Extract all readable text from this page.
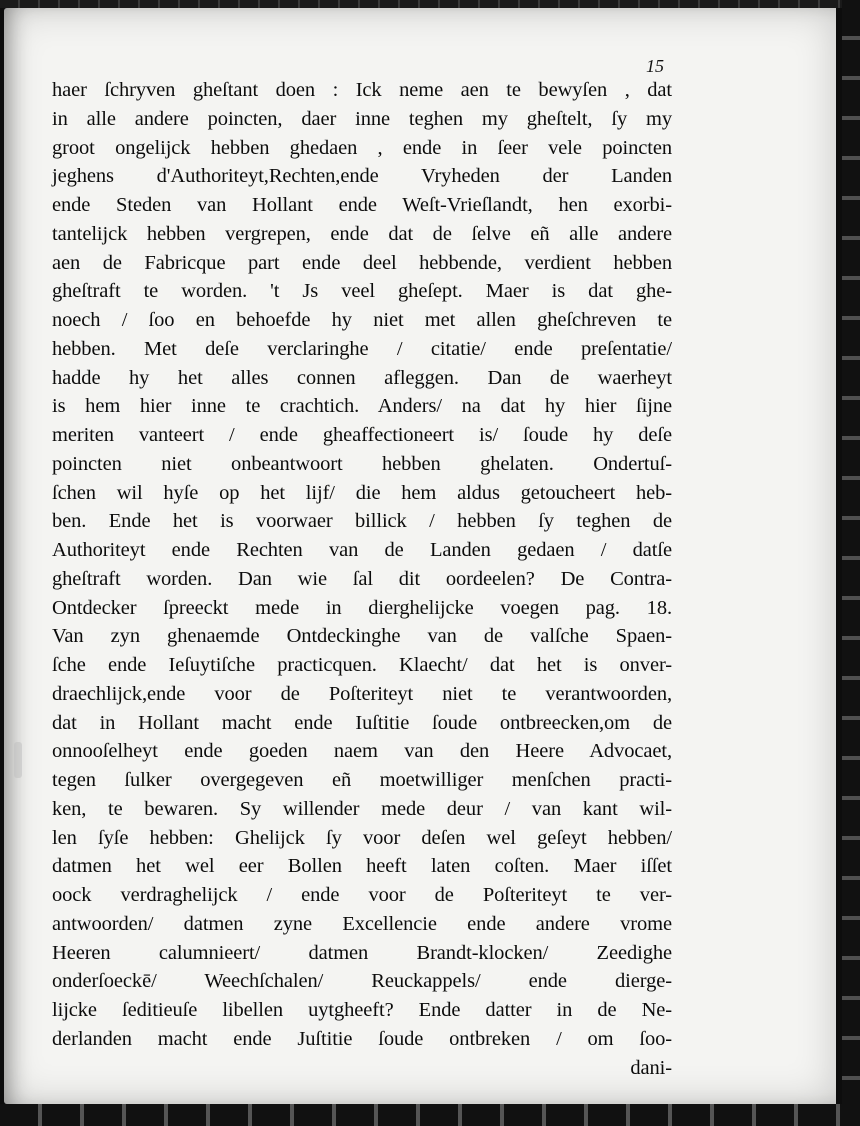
15
haer ſchryven gheſtant doen : Ick neme aen te bewyſen , dat
in alle andere poincten, daer inne teghen my gheſtelt, ſy my
groot ongelijck hebben ghedaen , ende in ſeer vele poincten
jeghens d'Authoriteyt,Rechten,ende Vryheden der Landen
ende Steden van Hollant ende Weſt-Vrieſlandt, hen exorbi-
tantelijck hebben vergrepen, ende dat de ſelve eñ alle andere
aen de Fabricque part ende deel hebbende, verdient hebben
gheſtraft te worden. 't Js veel gheſept. Maer is dat ghe-
noech / ſoo en behoefde hy niet met allen gheſchreven te
hebben. Met deſe verclaringhe / citatie/ ende preſentatie/
hadde hy het alles connen afleggen. Dan de waerheyt
is hem hier inne te crachtich. Anders/ na dat hy hier ſijne
meriten vanteert / ende gheaffectioneert is/ ſoude hy deſe
poincten niet onbeantwoort hebben ghelaten. Ondertuſ-
ſchen wil hyſe op het lijf/ die hem aldus getoucheert heb-
ben. Ende het is voorwaer billick / hebben ſy teghen de
Authoriteyt ende Rechten van de Landen gedaen / datſe
gheſtraft worden. Dan wie ſal dit oordeelen? De Contra-
Ontdecker ſpreeckt mede in dierghelijcke voegen pag. 18.
Van zyn ghenaemde Ontdeckinghe van de valſche Spaen-
ſche ende Ieſuytiſche practicquen. Klaecht/ dat het is onver-
draechlijck,ende voor de Poſteriteyt niet te verantwoorden,
dat in Hollant macht ende Iuſtitie ſoude ontbreecken,om de
onnooſelheyt ende goeden naem van den Heere Advocaet,
tegen ſulker overgegeven eñ moetwilliger menſchen practi-
ken, te bewaren. Sy willender mede deur / van kant wil-
len ſyſe hebben: Ghelijck ſy voor deſen wel geſeyt hebben/
datmen het wel eer Bollen heeft laten coſten. Maer iſſet
oock verdraghelijck / ende voor de Poſteriteyt te ver-
antwoorden/ datmen zyne Excellencie ende andere vrome
Heeren calumnieert/ datmen Brandt-klocken/ Zeedighe
onderſoeckē/ Weechſchalen/ Reuckappels/ ende dierge-
lijcke ſeditieuſe libellen uytgheeft? Ende datter in de Ne-
derlanden macht ende Juſtitie ſoude ontbreken / om ſoo-
dani-
